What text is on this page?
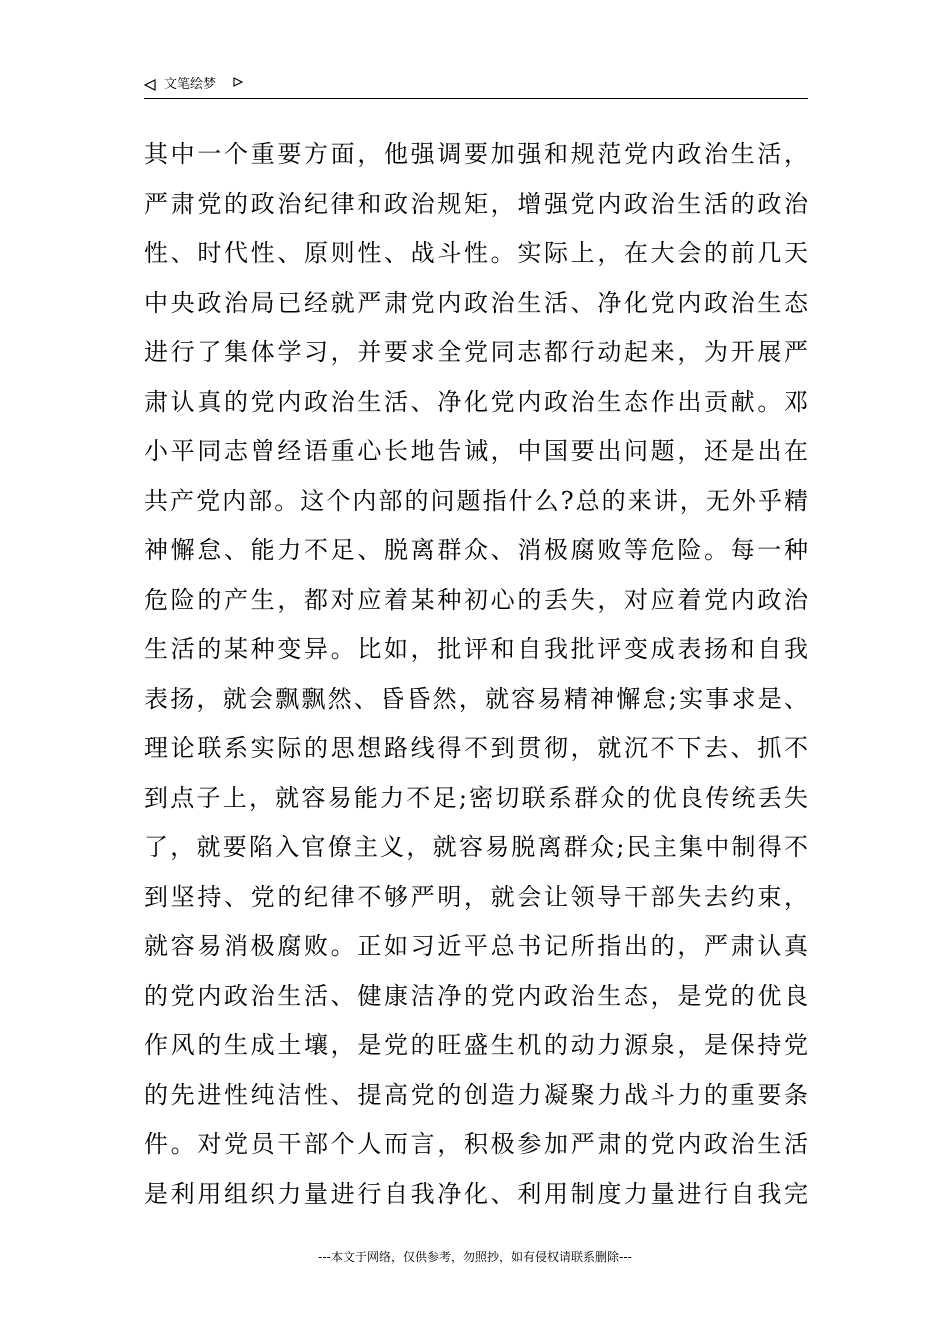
文笔绘梦
其中一个重要方面，他强调要加强和规范党内政治生活，
严肃党的政治纪律和政治规矩，增强党内政治生活的政治
性、时代性、原则性、战斗性。实际上，在大会的前几天
中央政治局已经就严肃党内政治生活、净化党内政治生态
进行了集体学习，并要求全党同志都行动起来，为开展严
肃认真的党内政治生活、净化党内政治生态作出贡献。邓
小平同志曾经语重心长地告诫，中国要出问题，还是出在
共产党内部。这个内部的问题指什么?总的来讲，无外乎精
神懈怠、能力不足、脱离群众、消极腐败等危险。每一种
危险的产生，都对应着某种初心的丢失，对应着党内政治
生活的某种变异。比如，批评和自我批评变成表扬和自我
表扬，就会飘飘然、昏昏然，就容易精神懈怠;实事求是、
理论联系实际的思想路线得不到贯彻，就沉不下去、抓不
到点子上，就容易能力不足;密切联系群众的优良传统丢失
了，就要陷入官僚主义，就容易脱离群众;民主集中制得不
到坚持、党的纪律不够严明，就会让领导干部失去约束，
就容易消极腐败。正如习近平总书记所指出的，严肃认真
的党内政治生活、健康洁净的党内政治生态，是党的优良
作风的生成土壤，是党的旺盛生机的动力源泉，是保持党
的先进性纯洁性、提高党的创造力凝聚力战斗力的重要条
件。对党员干部个人而言，积极参加严肃的党内政治生活
是利用组织力量进行自我净化、利用制度力量进行自我完
---本文于网络，仅供参考，勿照抄，如有侵权请联系删除---
